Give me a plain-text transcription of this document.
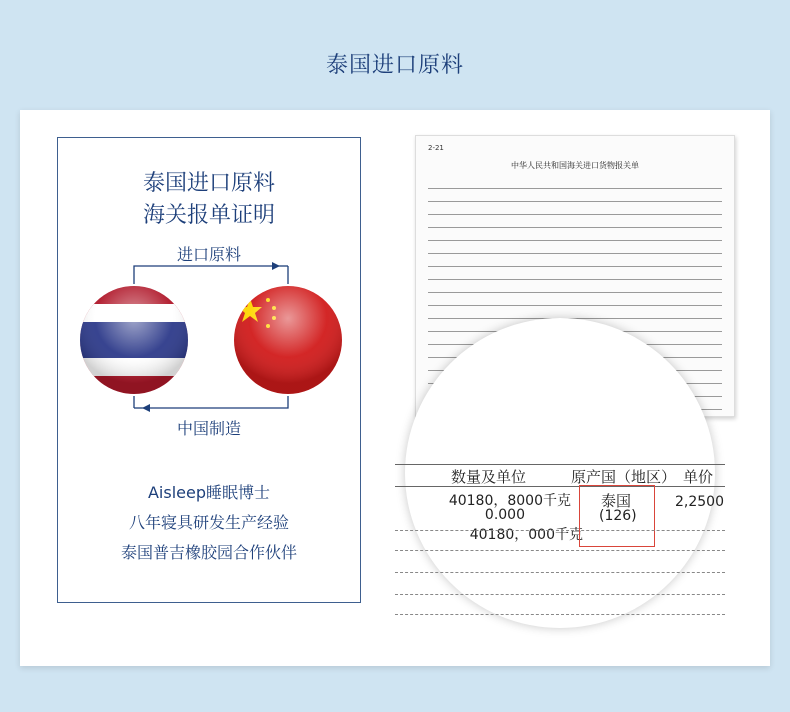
泰国进口原料
泰国进口原料
海关报单证明
进口原料
中国制造
Aisleep睡眠博士
八年寝具研发生产经验
泰国普吉橡胶园合作伙伴
2-21
中华人民共和国海关进口货物报关单
数量及单位	原产国（地区） 单价
40180，8000千克
0.000
40180，000千克
泰国
(126)
2,2500
